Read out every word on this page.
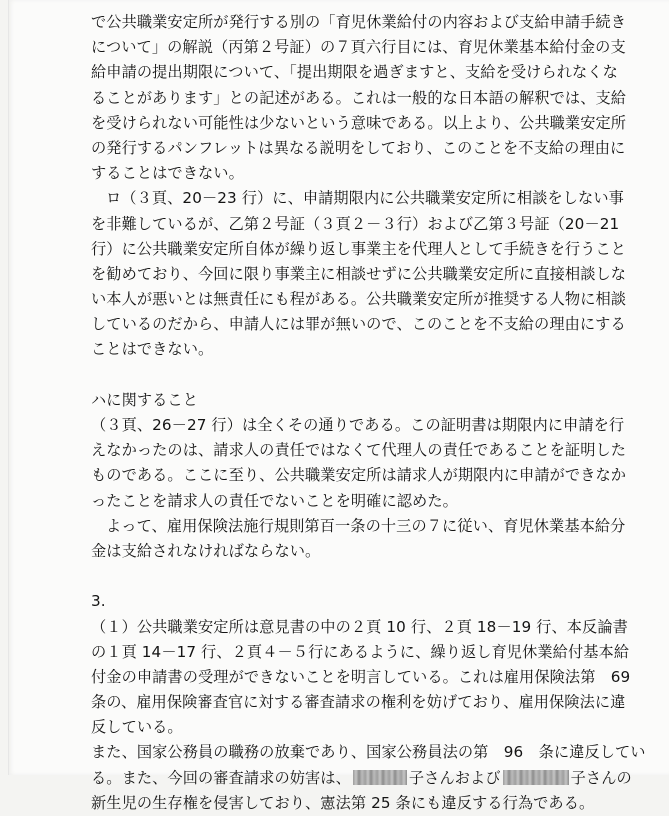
で公共職業安定所が発行する別の「育児休業給付の内容および支給申請手続き
について」の解説（丙第２号証）の７頁六行目には、育児休業基本給付金の支
給申請の提出期限について、「提出期限を過ぎますと、支給を受けられなくな
ることがあります」との記述がある。これは一般的な日本語の解釈では、支給
を受けられない可能性は少ないという意味である。以上より、公共職業安定所
の発行するパンフレットは異なる説明をしており、このことを不支給の理由に
することはできない。
ロ（３頁、20－23 行）に、申請期限内に公共職業安定所に相談をしない事
を非難しているが、乙第２号証（３頁２－３行）および乙第３号証（20－21
行）に公共職業安定所自体が繰り返し事業主を代理人として手続きを行うこと
を勧めており、今回に限り事業主に相談せずに公共職業安定所に直接相談しな
い本人が悪いとは無責任にも程がある。公共職業安定所が推奨する人物に相談
しているのだから、申請人には罪が無いので、このことを不支給の理由にする
ことはできない。
ハに関すること
（３頁、26－27 行）は全くその通りである。この証明書は期限内に申請を行
えなかったのは、請求人の責任ではなくて代理人の責任であることを証明した
ものである。ここに至り、公共職業安定所は請求人が期限内に申請ができなか
ったことを請求人の責任でないことを明確に認めた。
よって、雇用保険法施行規則第百一条の十三の７に従い、育児休業基本給分
金は支給されなければならない。
3.
（１）公共職業安定所は意見書の中の２頁 10 行、２頁 18－19 行、本反論書
の１頁 14－17 行、２頁４－５行にあるように、繰り返し育児休業給付基本給
付金の申請書の受理ができないことを明言している。これは雇用保険法第　69
条の、雇用保険審査官に対する審査請求の権利を妨げており、雇用保険法に違
反している。
また、国家公務員の職務の放棄であり、国家公務員法の第　96　条に違反してい
る。また、今回の審査請求の妨害は、	子さんおよび	子さんの
新生児の生存権を侵害しており、憲法第 25 条にも違反する行為である。
